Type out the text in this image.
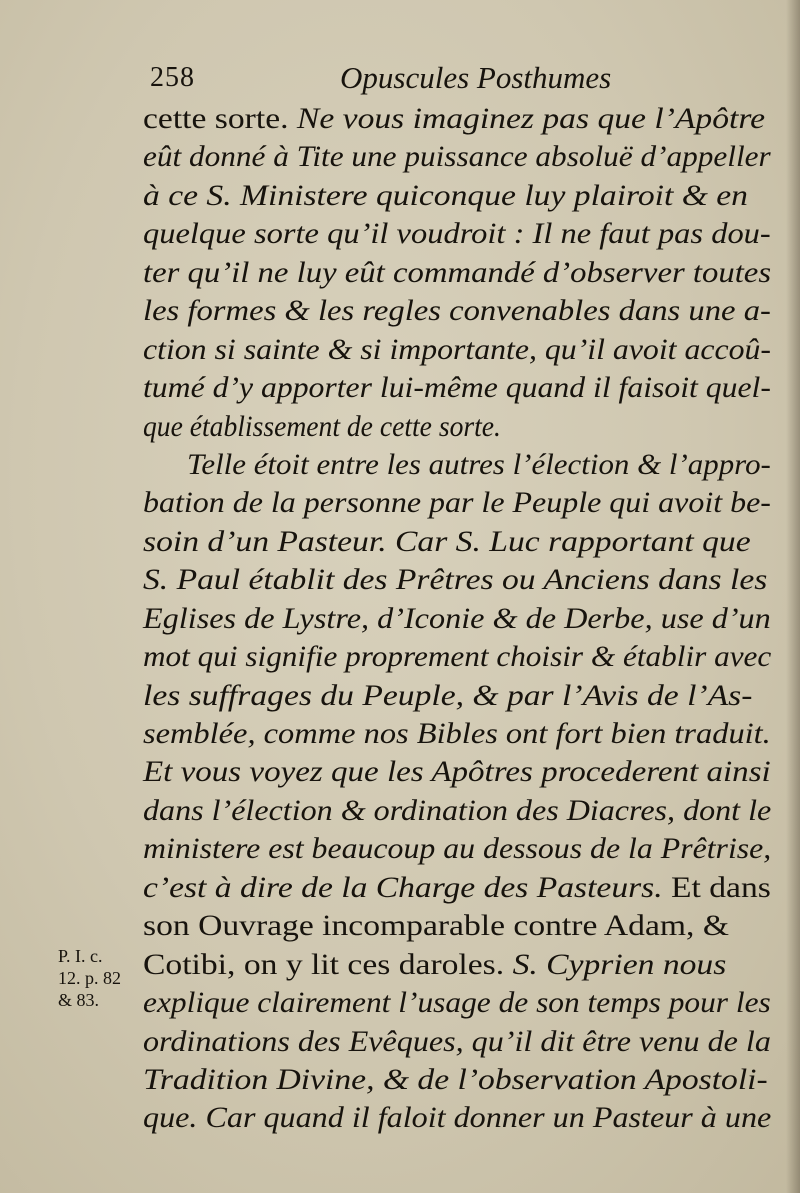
258	Opuscules Posthumes
cette sorte. Ne vous imaginez pas que l’Apôtre
eût donné à Tite une puissance absoluë d’appeller
à ce S. Ministere quiconque luy plairoit & en
quelque sorte qu’il voudroit : Il ne faut pas dou-
ter qu’il ne luy eût commandé d’observer toutes
les formes & les regles convenables dans une a-
ction si sainte & si importante, qu’il avoit accoû-
tumé d’y apporter lui-même quand il faisoit quel-
que établissement de cette sorte.
Telle étoit entre les autres l’élection & l’appro-
bation de la personne par le Peuple qui avoit be-
soin d’un Pasteur. Car S. Luc rapportant que
S. Paul établit des Prêtres ou Anciens dans les
Eglises de Lystre, d’Iconie & de Derbe, use d’un
mot qui signifie proprement choisir & établir avec
les suffrages du Peuple, & par l’Avis de l’As-
semblée, comme nos Bibles ont fort bien traduit.
Et vous voyez que les Apôtres procederent ainsi
dans l’élection & ordination des Diacres, dont le
ministere est beaucoup au dessous de la Prêtrise,
c’est à dire de la Charge des Pasteurs. Et dans
son Ouvrage incomparable contre Adam, &
Cotibi, on y lit ces daroles. S. Cyprien nous
explique clairement l’usage de son temps pour les
ordinations des Evêques, qu’il dit être venu de la
Tradition Divine, & de l’observation Apostoli-
que. Car quand il faloit donner un Pasteur à une
P. I. c.
12. p. 82
& 83.
